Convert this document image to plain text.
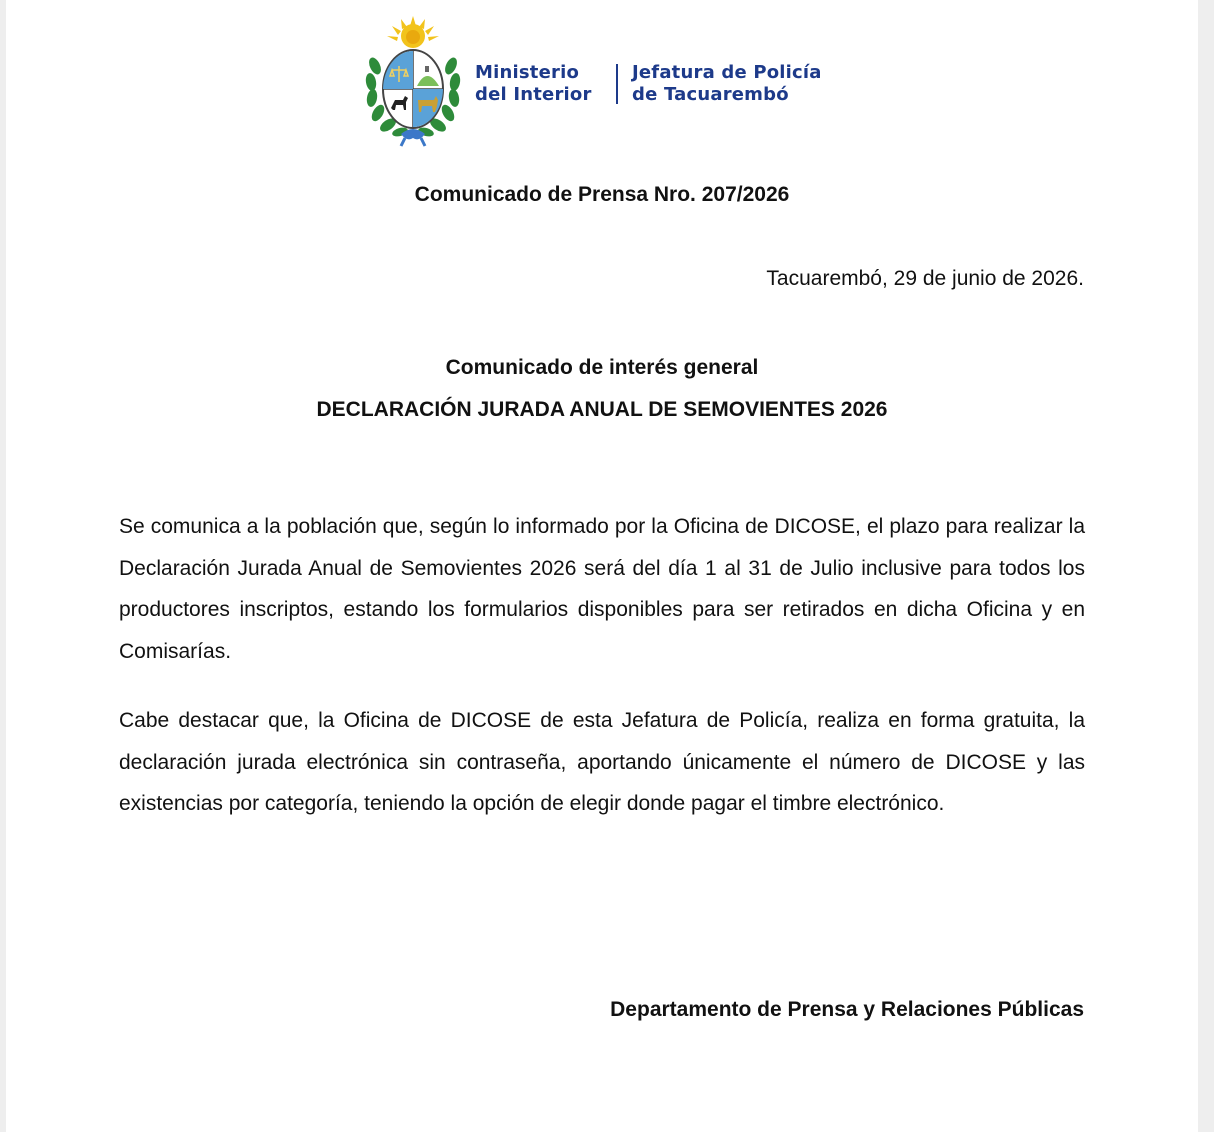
Ministerio
del Interior
Jefatura de Policía
de Tacuarembó
Comunicado de Prensa Nro. 207/2026
Tacuarembó, 29 de junio de 2026.
Comunicado de interés general
DECLARACIÓN JURADA ANUAL DE SEMOVIENTES 2026

Se comunica a la población que, según lo informado por la Oficina de DICOSE, el plazo para realizar la Declaración Jurada Anual de Semovientes 2026 será del día 1 al 31 de Julio inclusive para todos los productores inscriptos, estando los formularios disponibles para ser retirados en dicha Oficina y en Comisarías.

Cabe destacar que, la Oficina de DICOSE de esta Jefatura de Policía, realiza en forma gratuita, la declaración jurada electrónica sin contraseña, aportando únicamente el número de DICOSE y las existencias por categoría, teniendo la opción de elegir donde pagar el timbre electrónico.

Departamento de Prensa y Relaciones Públicas
